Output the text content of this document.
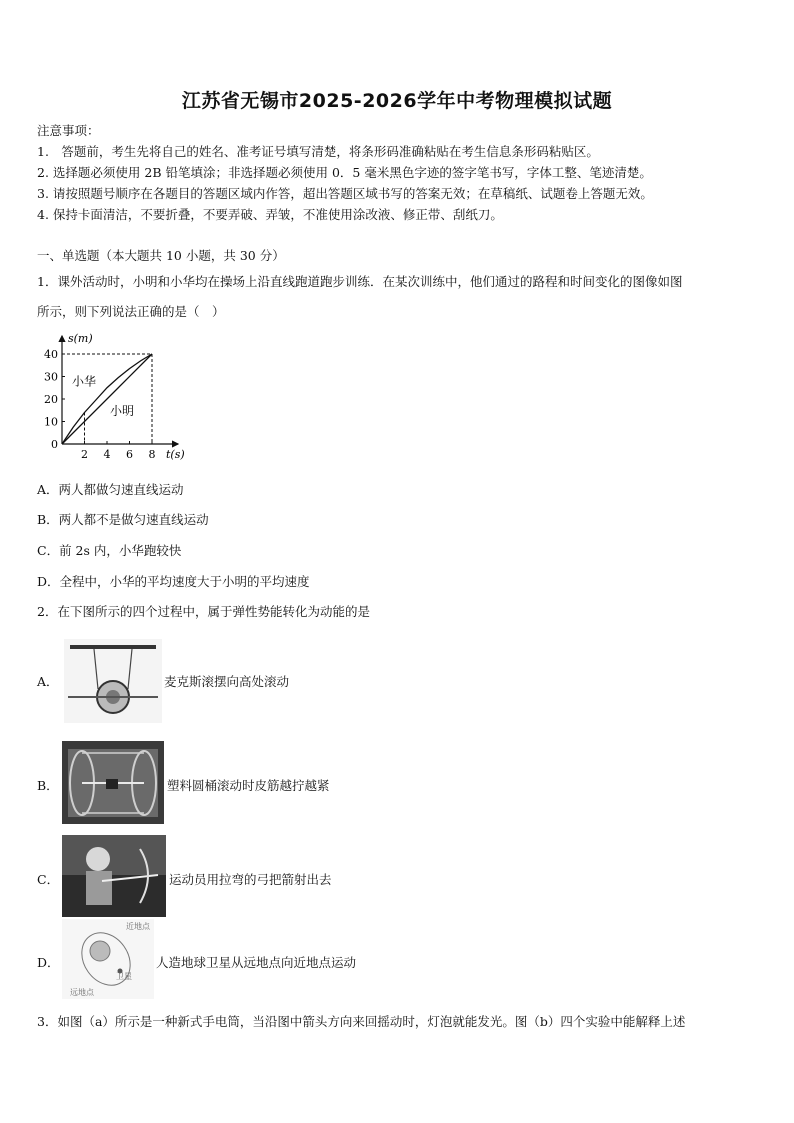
江苏省无锡市2025-2026学年中考物理模拟试题
注意事项：
1.　答题前，考生先将自己的姓名、准考证号填写清楚，将条形码准确粘贴在考生信息条形码粘贴区。
2. 选择题必须使用 2B 铅笔填涂；非选择题必须使用 0．5 毫米黑色字迹的签字笔书写，字体工整、笔迹清楚。
3. 请按照题号顺序在各题目的答题区域内作答，超出答题区域书写的答案无效；在草稿纸、试题卷上答题无效。
4. 保持卡面清洁，不要折叠，不要弄破、弄皱，不准使用涂改液、修正带、刮纸刀。
一、单选题（本大题共 10 小题，共 30 分）
1．课外活动时，小明和小华均在操场上沿直线跑道跑步训练．在某次训练中，他们通过的路程和时间变化的图像如图
所示，则下列说法正确的是（　）
s(m)
t(s)
0
10
20
30
40
2 4 6 8
小华
小明
A．两人都做匀速直线运动
B．两人都不是做匀速直线运动
C．前 2s 内，小华跑较快
D．全程中，小华的平均速度大于小明的平均速度
2．在下图所示的四个过程中，属于弹性势能转化为动能的是
A．	麦克斯滚摆向高处滚动
B．	塑料圆桶滚动时皮筋越拧越紧
C．	运动员用拉弯的弓把箭射出去
D．
近地点
卫星
远地点
人造地球卫星从远地点向近地点运动
3．如图（a）所示是一种新式手电筒，当沿图中箭头方向来回摇动时，灯泡就能发光。图（b）四个实验中能解释上述
